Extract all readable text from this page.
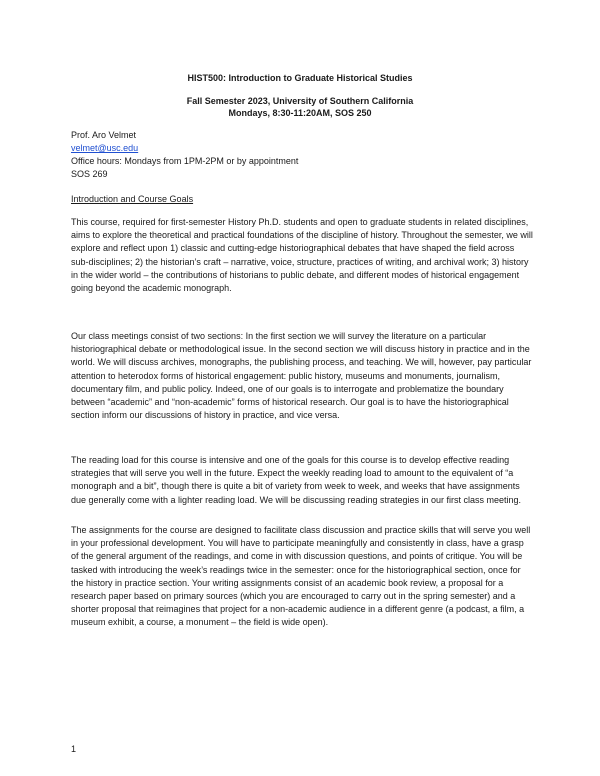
HIST500: Introduction to Graduate Historical Studies
Fall Semester 2023, University of Southern California
Mondays, 8:30-11:20AM, SOS 250
Prof. Aro Velmet
velmet@usc.edu
Office hours: Mondays from 1PM-2PM or by appointment
SOS 269
Introduction and Course Goals

This course, required for first-semester History Ph.D. students and open to graduate students in related disciplines, aims to explore the theoretical and practical foundations of the discipline of history. Throughout the semester, we will explore and reflect upon 1) classic and cutting-edge historiographical debates that have shaped the field across sub-disciplines; 2) the historian’s craft – narrative, voice, structure, practices of writing, and archival work; 3) history in the wider world – the contributions of historians to public debate, and different modes of historical engagement going beyond the academic monograph.

Our class meetings consist of two sections: In the first section we will survey the literature on a particular historiographical debate or methodological issue. In the second section we will discuss history in practice and in the world. We will discuss archives, monographs, the publishing process, and teaching. We will, however, pay particular attention to heterodox forms of historical engagement: public history, museums and monuments, journalism, documentary film, and public policy. Indeed, one of our goals is to interrogate and problematize the boundary between “academic” and “non-academic” forms of historical research. Our goal is to have the historiographical section inform our discussions of history in practice, and vice versa.

The reading load for this course is intensive and one of the goals for this course is to develop effective reading strategies that will serve you well in the future. Expect the weekly reading load to amount to the equivalent of “a monograph and a bit”, though there is quite a bit of variety from week to week, and weeks that have assignments due generally come with a lighter reading load. We will be discussing reading strategies in our first class meeting.

The assignments for the course are designed to facilitate class discussion and practice skills that will serve you well in your professional development. You will have to participate meaningfully and consistently in class, have a grasp of the general argument of the readings, and come in with discussion questions, and points of critique. You will be tasked with introducing the week’s readings twice in the semester: once for the historiographical section, once for the history in practice section. Your writing assignments consist of an academic book review, a proposal for a research paper based on primary sources (which you are encouraged to carry out in the spring semester) and a shorter proposal that reimagines that project for a non-academic audience in a different genre (a podcast, a film, a museum exhibit, a course, a monument – the field is wide open).

1
